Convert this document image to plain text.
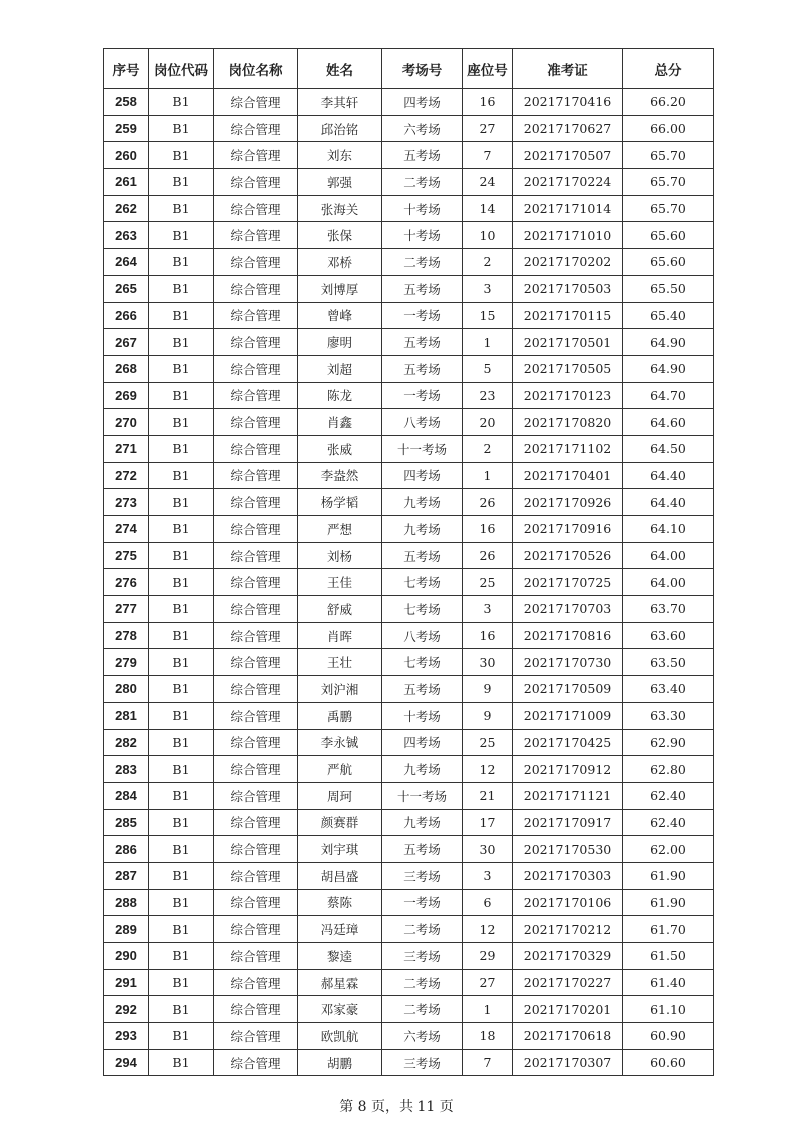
序号	岗位代码	岗位名称	姓名	考场号	座位号	准考证	总分
258	B1	综合管理	李其轩	四考场	16	20217170416	66.20
259	B1	综合管理	邱治铭	六考场	27	20217170627	66.00
260	B1	综合管理	刘东	五考场	7	20217170507	65.70
261	B1	综合管理	郭强	二考场	24	20217170224	65.70
262	B1	综合管理	张海关	十考场	14	20217171014	65.70
263	B1	综合管理	张保	十考场	10	20217171010	65.60
264	B1	综合管理	邓桥	二考场	2	20217170202	65.60
265	B1	综合管理	刘博厚	五考场	3	20217170503	65.50
266	B1	综合管理	曾峰	一考场	15	20217170115	65.40
267	B1	综合管理	廖明	五考场	1	20217170501	64.90
268	B1	综合管理	刘超	五考场	5	20217170505	64.90
269	B1	综合管理	陈龙	一考场	23	20217170123	64.70
270	B1	综合管理	肖鑫	八考场	20	20217170820	64.60
271	B1	综合管理	张威	十一考场	2	20217171102	64.50
272	B1	综合管理	李盎然	四考场	1	20217170401	64.40
273	B1	综合管理	杨学韬	九考场	26	20217170926	64.40
274	B1	综合管理	严想	九考场	16	20217170916	64.10
275	B1	综合管理	刘杨	五考场	26	20217170526	64.00
276	B1	综合管理	王佳	七考场	25	20217170725	64.00
277	B1	综合管理	舒威	七考场	3	20217170703	63.70
278	B1	综合管理	肖晖	八考场	16	20217170816	63.60
279	B1	综合管理	王壮	七考场	30	20217170730	63.50
280	B1	综合管理	刘沪湘	五考场	9	20217170509	63.40
281	B1	综合管理	禹鹏	十考场	9	20217171009	63.30
282	B1	综合管理	李永铖	四考场	25	20217170425	62.90
283	B1	综合管理	严航	九考场	12	20217170912	62.80
284	B1	综合管理	周珂	十一考场	21	20217171121	62.40
285	B1	综合管理	颜赛群	九考场	17	20217170917	62.40
286	B1	综合管理	刘宇琪	五考场	30	20217170530	62.00
287	B1	综合管理	胡昌盛	三考场	3	20217170303	61.90
288	B1	综合管理	蔡陈	一考场	6	20217170106	61.90
289	B1	综合管理	冯廷璋	二考场	12	20217170212	61.70
290	B1	综合管理	黎逵	三考场	29	20217170329	61.50
291	B1	综合管理	郝星霖	二考场	27	20217170227	61.40
292	B1	综合管理	邓家豪	二考场	1	20217170201	61.10
293	B1	综合管理	欧凯航	六考场	18	20217170618	60.90
294	B1	综合管理	胡鹏	三考场	7	20217170307	60.60
第 8 页，共 11 页
